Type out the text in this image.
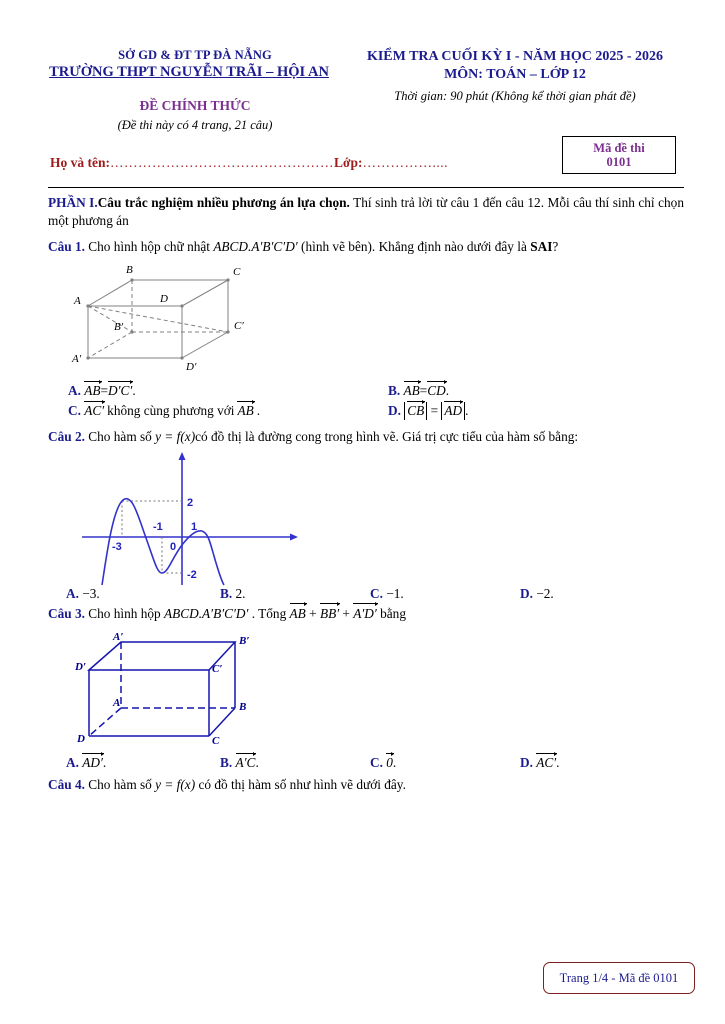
SỞ GD & ĐT TP ĐÀ NẴNG
TRƯỜNG THPT NGUYỄN TRÃI – HỘI AN
ĐỀ CHÍNH THỨC
(Đề thi này có 4 trang, 21 câu)
KIỂM TRA CUỐI KỲ I - NĂM HỌC 2025 - 2026
MÔN: TOÁN – LỚP 12
Thời gian: 90 phút (Không kể thời gian phát đề)
Mã đề thi
0101
Họ và tên:…………………………………………Lớp:……………....
PHẦN I.Câu trắc nghiệm nhiều phương án lựa chọn. Thí sinh trả lời từ câu 1 đến câu 12. Mỗi câu thí sinh chỉ chọn một phương án
Câu 1. Cho hình hộp chữ nhật ABCD.A′B′C′D′ (hình vẽ bên). Khẳng định nào dưới đây là SAI?
B	C
A	D
B′	C′
A′
D′
A. AB=D′C′.	B. AB=CD.
C. AC′ không cùng phương với AB .	D. CB = AD .
Câu 2. Cho hàm số y = f(x)có đồ thị là đường cong trong hình vẽ. Giá trị cực tiểu của hàm số bằng:
-3
-1
0
1
2
-2
A. −3.	B. 2.	C. −1.	D. −2.
Câu 3. Cho hình hộp ABCD.A′B′C′D′ . Tổng AB + BB′ + A′D′ bằng
A′	B′
D′	C′
A	B
D	C
A. AD′.	B. A′C.	C. 0.	D. AC′.
Câu 4. Cho hàm số y = f(x) có đồ thị hàm số như hình vẽ dưới đây.
Trang 1/4 - Mã đề 0101
